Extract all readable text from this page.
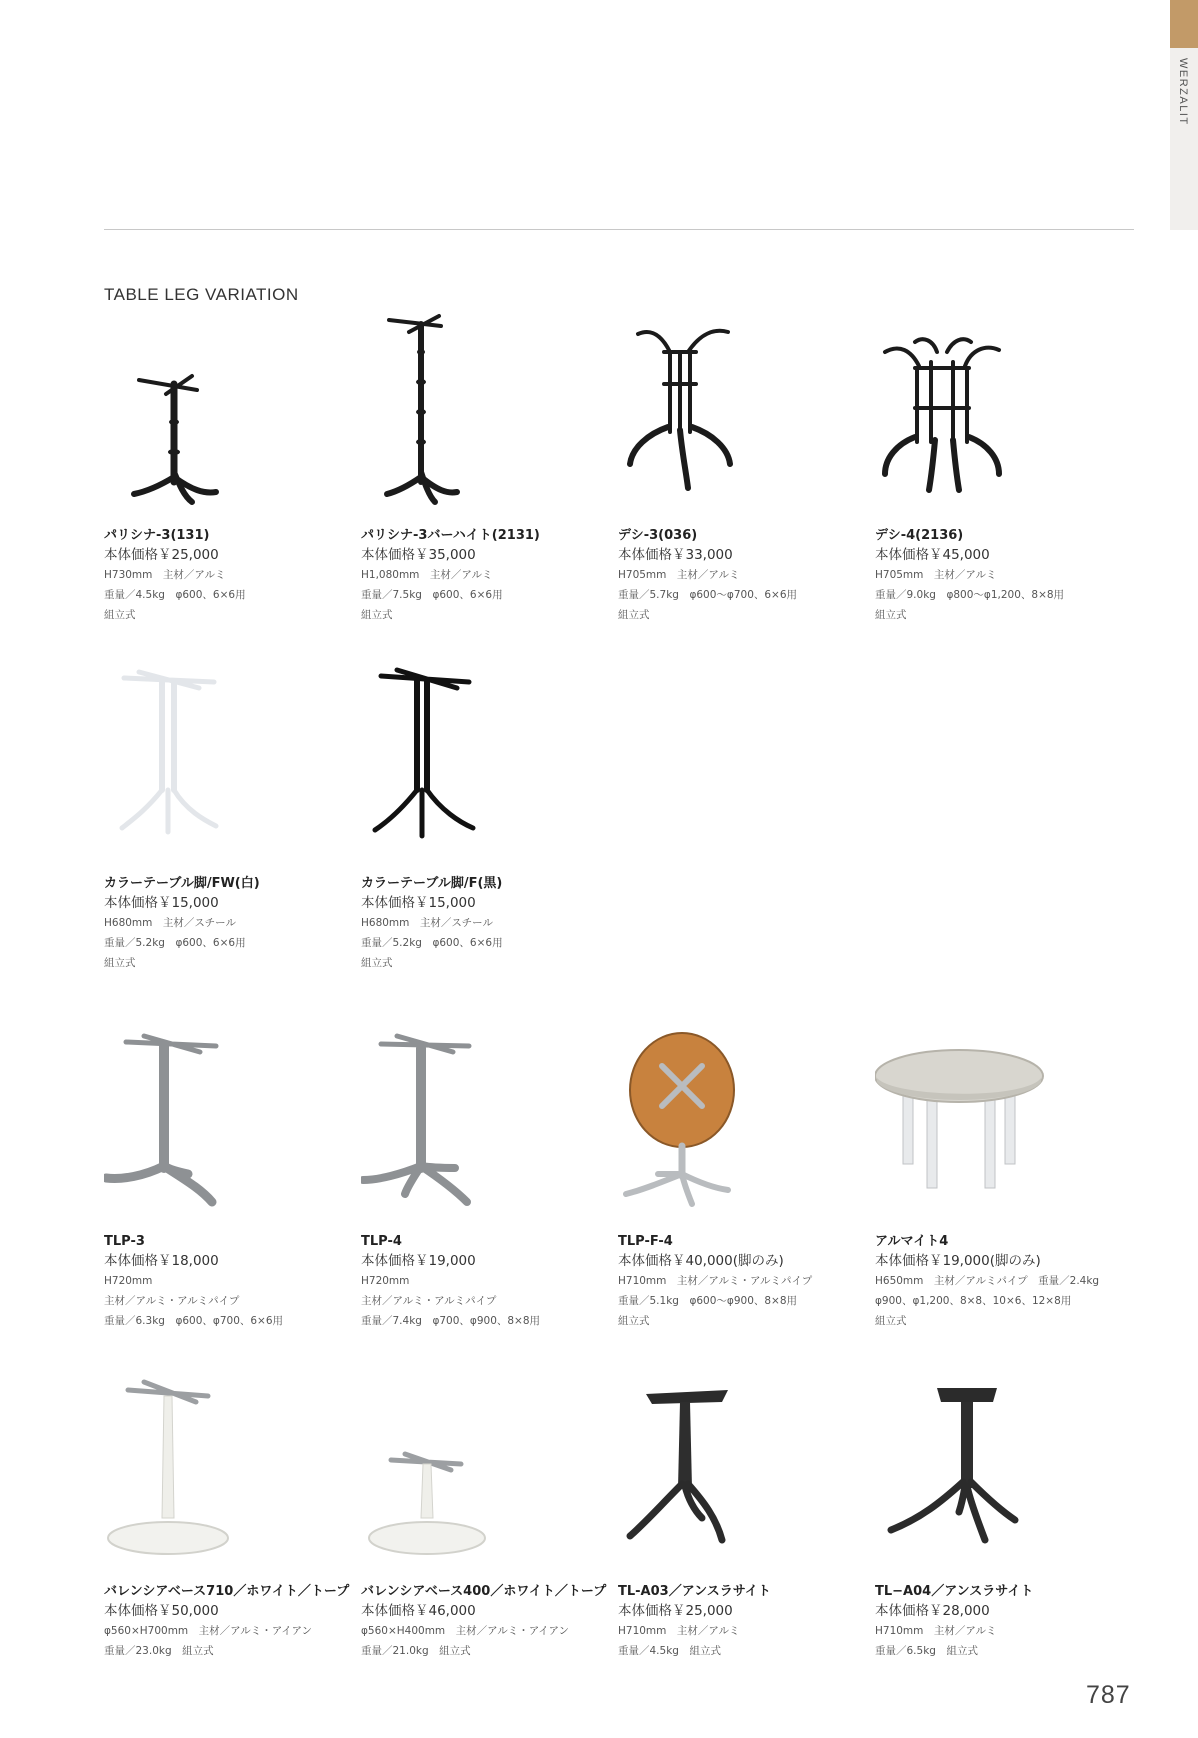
WERZALIT
TABLE LEG VARIATION
パリシナ-3(131)
本体価格￥25,000
H730mm　主材／アルミ
重量／4.5kg　φ600、6×6用
組立式
パリシナ-3バーハイト(2131)
本体価格￥35,000
H1,080mm　主材／アルミ
重量／7.5kg　φ600、6×6用
組立式
デシ-3(036)
本体価格￥33,000
H705mm　主材／アルミ
重量／5.7kg　φ600〜φ700、6×6用
組立式
デシ-4(2136)
本体価格￥45,000
H705mm　主材／アルミ
重量／9.0kg　φ800〜φ1,200、8×8用
組立式
カラーテーブル脚/FW(白)
本体価格￥15,000
H680mm　主材／スチール
重量／5.2kg　φ600、6×6用
組立式
カラーテーブル脚/F(黒)
本体価格￥15,000
H680mm　主材／スチール
重量／5.2kg　φ600、6×6用
組立式
TLP-3
本体価格￥18,000
H720mm
主材／アルミ・アルミパイプ
重量／6.3kg　φ600、φ700、6×6用
TLP-4
本体価格￥19,000
H720mm
主材／アルミ・アルミパイプ
重量／7.4kg　φ700、φ900、8×8用
TLP-F-4
本体価格￥40,000(脚のみ)
H710mm　主材／アルミ・アルミパイプ
重量／5.1kg　φ600〜φ900、8×8用
組立式
アルマイト4
本体価格￥19,000(脚のみ)
H650mm　主材／アルミパイプ　重量／2.4kg
φ900、φ1,200、8×8、10×6、12×8用
組立式
バレンシアベース710／ホワイト／トープ
本体価格￥50,000
φ560×H700mm　主材／アルミ・アイアン
重量／23.0kg　組立式
バレンシアベース400／ホワイト／トープ
本体価格￥46,000
φ560×H400mm　主材／アルミ・アイアン
重量／21.0kg　組立式
TL-A03／アンスラサイト
本体価格￥25,000
H710mm　主材／アルミ
重量／4.5kg　組立式
TL−A04／アンスラサイト
本体価格￥28,000
H710mm　主材／アルミ
重量／6.5kg　組立式
787
